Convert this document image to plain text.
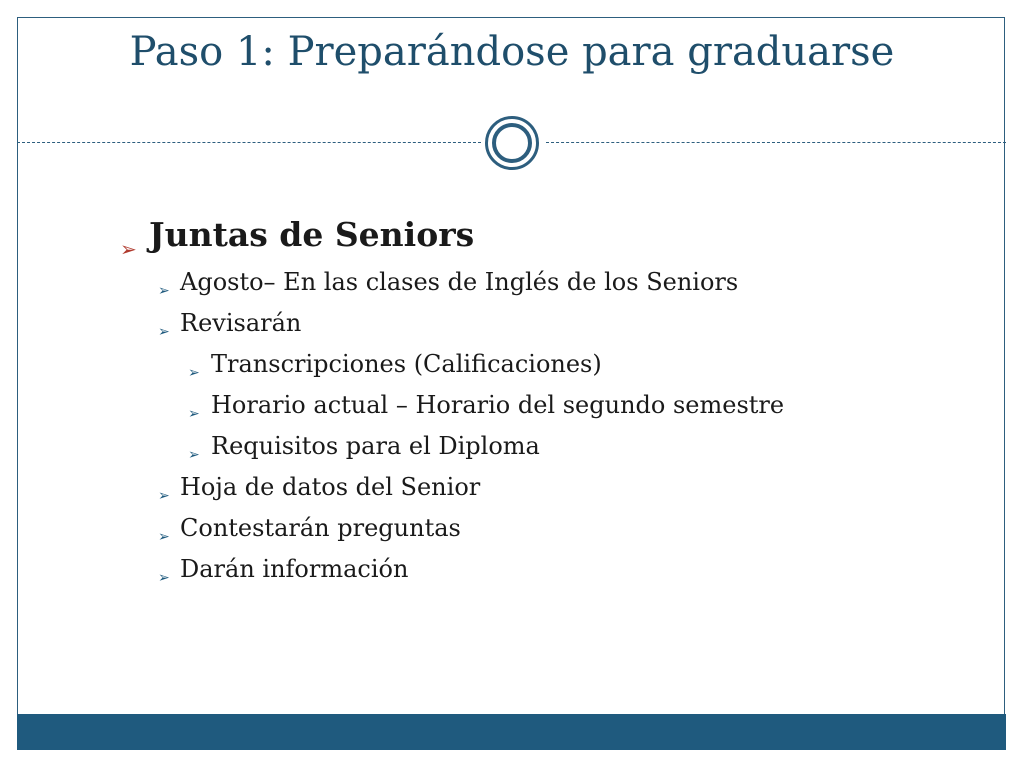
Paso 1: Preparándose para graduarse
➢ Juntas de Seniors
➢ Agosto– En las clases de Inglés de los Seniors
➢ Revisarán
➢ Transcripciones (Calificaciones)
➢ Horario actual – Horario del segundo semestre
➢ Requisitos para el Diploma
➢ Hoja de datos del Senior
➢ Contestarán preguntas
➢ Darán información
